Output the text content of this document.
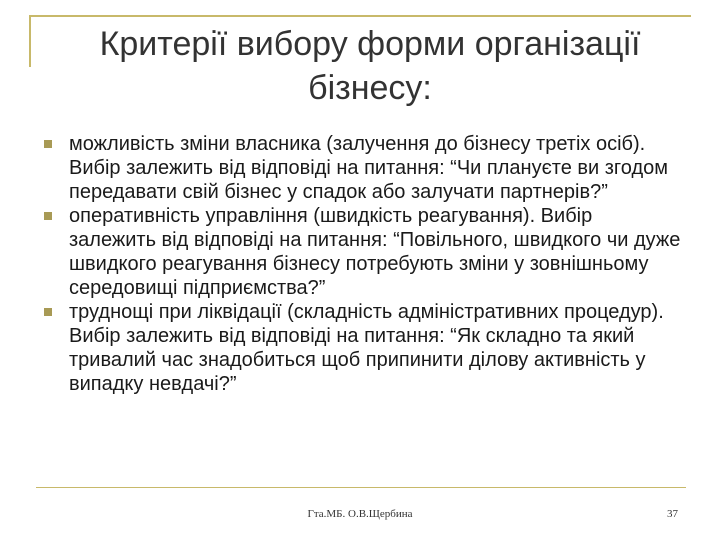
Критерії вибору форми організації
бізнесу:
можливість зміни власника (залучення до бізнесу третіх осіб). Вибір залежить від відповіді на питання: “Чи плануєте ви згодом передавати свій бізнес у спадок або залучати партнерів?”
оперативність управління (швидкість реагування). Вибір залежить від відповіді на питання: “Повільного, швидкого чи дуже швидкого реагування бізнесу потребують зміни у зовнішньому середовищі підприємства?”
труднощі при ліквідації (складність адміністративних процедур). Вибір залежить від відповіді на питання: “Як складно та який тривалий час знадобиться щоб припинити ділову активність у випадку невдачі?”
Гта.МБ. О.В.Щербина	37
